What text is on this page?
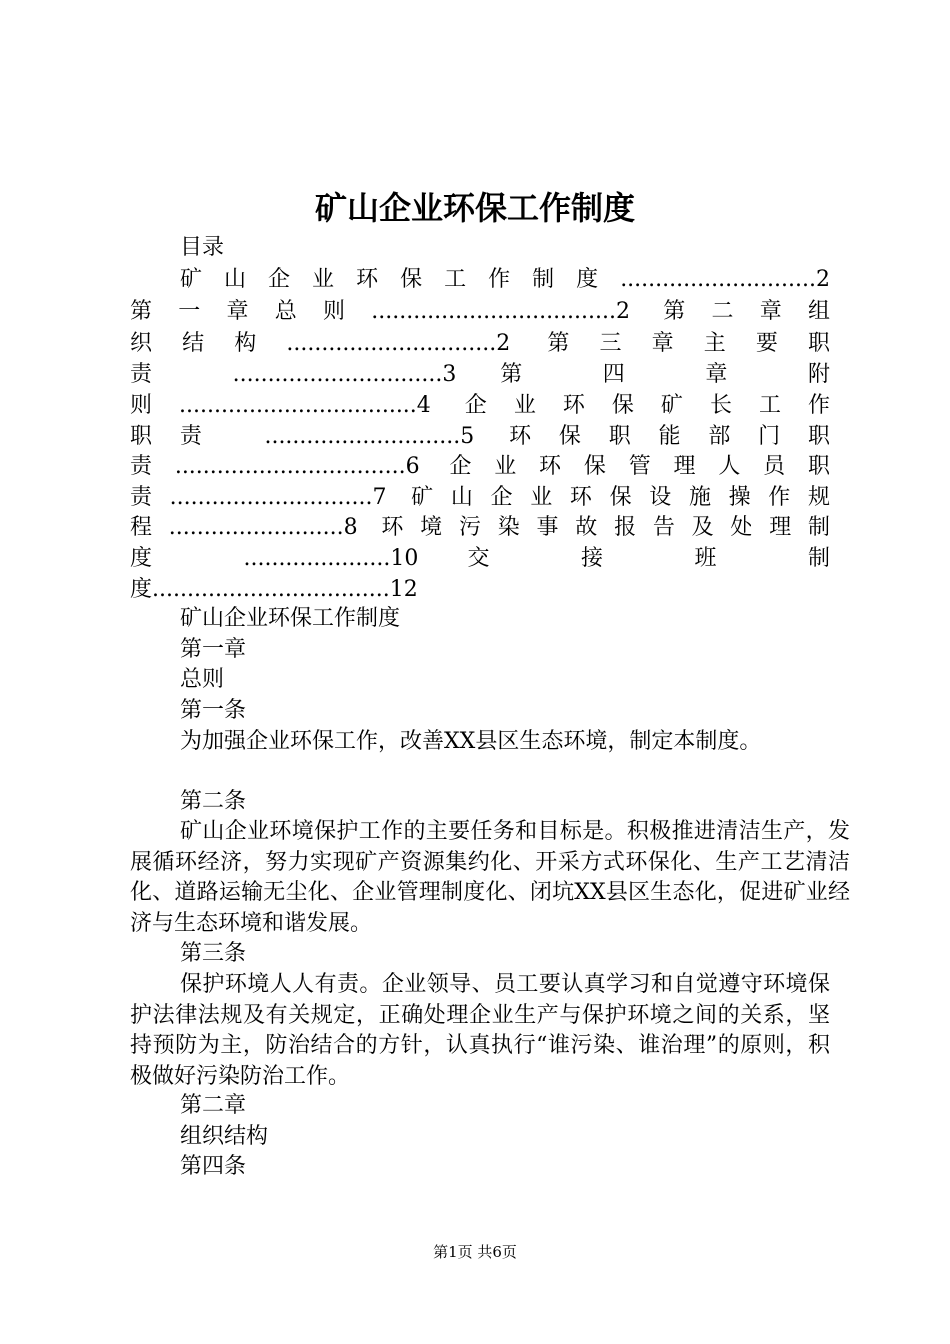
矿山企业环保工作制度

目录

矿山企业环保工作制度............................2

第一章总则...................................2 第二章组

织结构..............................2 第三章主要职

责 ..............................3 第 四 章 附

则..................................4 企业环保矿长工作

职责 ............................5 环保职能部门职

责.................................6 企业环保管理人员职

责.............................7 矿山企业环保设施操作规

程.........................8 环境污染事故报告及处理制

度 .....................10 交 接 班 制

度..................................12

矿山企业环保工作制度

第一章

总则

第一条

为加强企业环保工作，改善XX县区生态环境，制定本制度。

第二条

矿山企业环境保护工作的主要任务和目标是。积极推进清洁生产，发展循环经济，努力实现矿产资源集约化、开采方式环保化、生产工艺清洁化、道路运输无尘化、企业管理制度化、闭坑XX县区生态化，促进矿业经济与生态环境和谐发展。

第三条

保护环境人人有责。企业领导、员工要认真学习和自觉遵守环境保护法律法规及有关规定，正确处理企业生产与保护环境之间的关系，坚持预防为主，防治结合的方针，认真执行“谁污染、谁治理”的原则，积极做好污染防治工作。

第二章

组织结构

第四条

第1页 共6页
